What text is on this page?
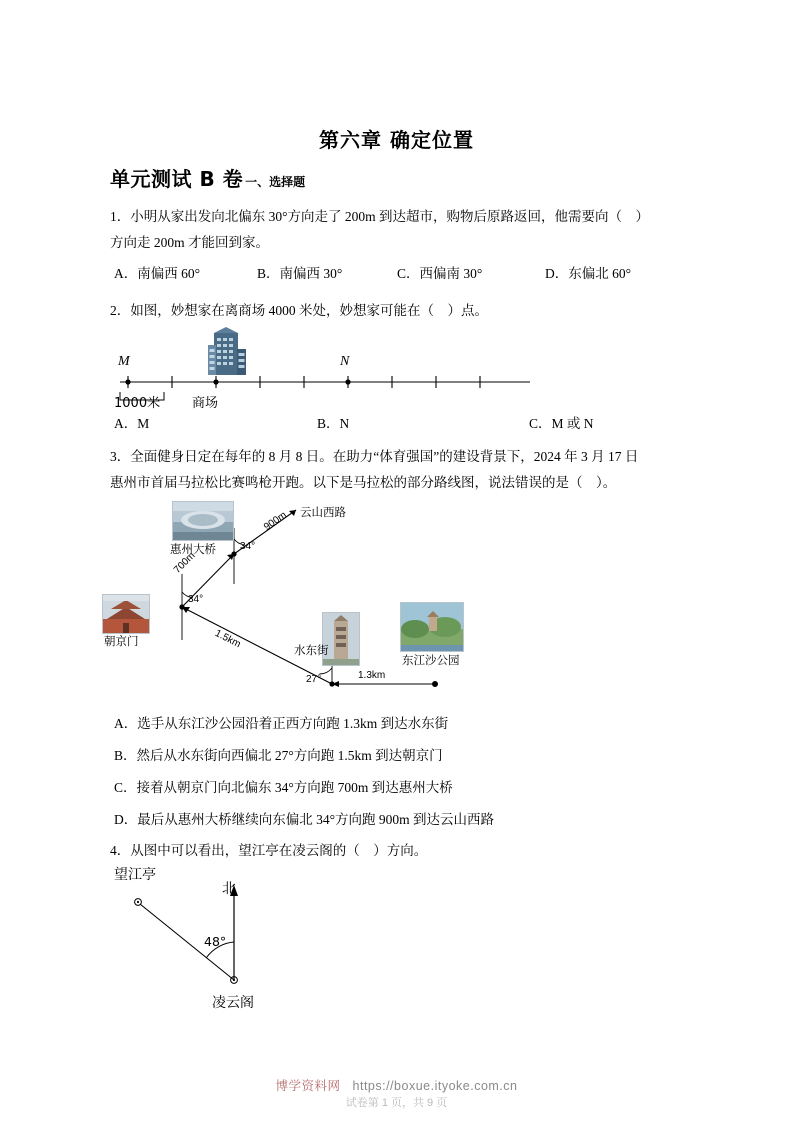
第六章 确定位置
单元测试 B 卷 一、选择题
1．小明从家出发向北偏东 30°方向走了 200m 到达超市，购物后原路返回，他需要向（    ）
方向走 200m 才能回到家。
A．南偏西 60°	B．南偏西 30°	C．西偏南 30°	D．东偏北 60°
2．如图，妙想家在离商场 4000 米处，妙想家可能在（    ）点。
M	N
1000米 商场
A．M	B．N	C．M 或 N
3．全面健身日定在每年的 8 月 8 日。在助力“体育强国”的建设背景下，2024 年 3 月 17 日
惠州市首届马拉松比赛鸣枪开跑。以下是马拉松的部分路线图，说法错误的是（    ）。
惠州大桥
朝京门
云山西路
水东街
东江沙公园
700m
900m
1.5km
1.3km
34°
34°
27°
A．选手从东江沙公园沿着正西方向跑 1.3km 到达水东街
B．然后从水东街向西偏北 27°方向跑 1.5km 到达朝京门
C．接着从朝京门向北偏东 34°方向跑 700m 到达惠州大桥
D．最后从惠州大桥继续向东偏北 34°方向跑 900m 到达云山西路
4．从图中可以看出，望江亭在凌云阁的（    ）方向。
望江亭
北
凌云阁
48°
博学资料网 https://boxue.ityoke.com.cn
试卷第 1 页，共 9 页
